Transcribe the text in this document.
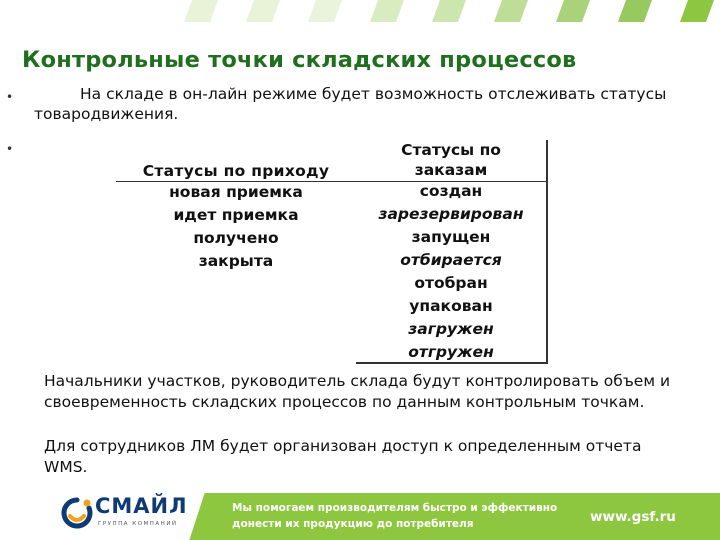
Контрольные точки складских процессов
•	На складе в он-лайн режиме будет возможность отслеживать статусы товародвижения.
•
Статусы по приходу
новая приемка
идет приемка
получено
закрыта
Статусы по
заказам
создан
зарезервирован
запущен
отбирается
отобран
упакован
загружен
отгружен
Начальники участков, руководитель склада будут контролировать объем и своевременность складских процессов по данным контрольным точкам.
Для сотрудников ЛМ будет организован доступ к определенным отчета WMS.
Мы помогаем производителям быстро и эффективно
донести их продукцию до потребителя	www.gsf.ru
СМАЙЛ
ГРУППА КОМПАНИЙ
